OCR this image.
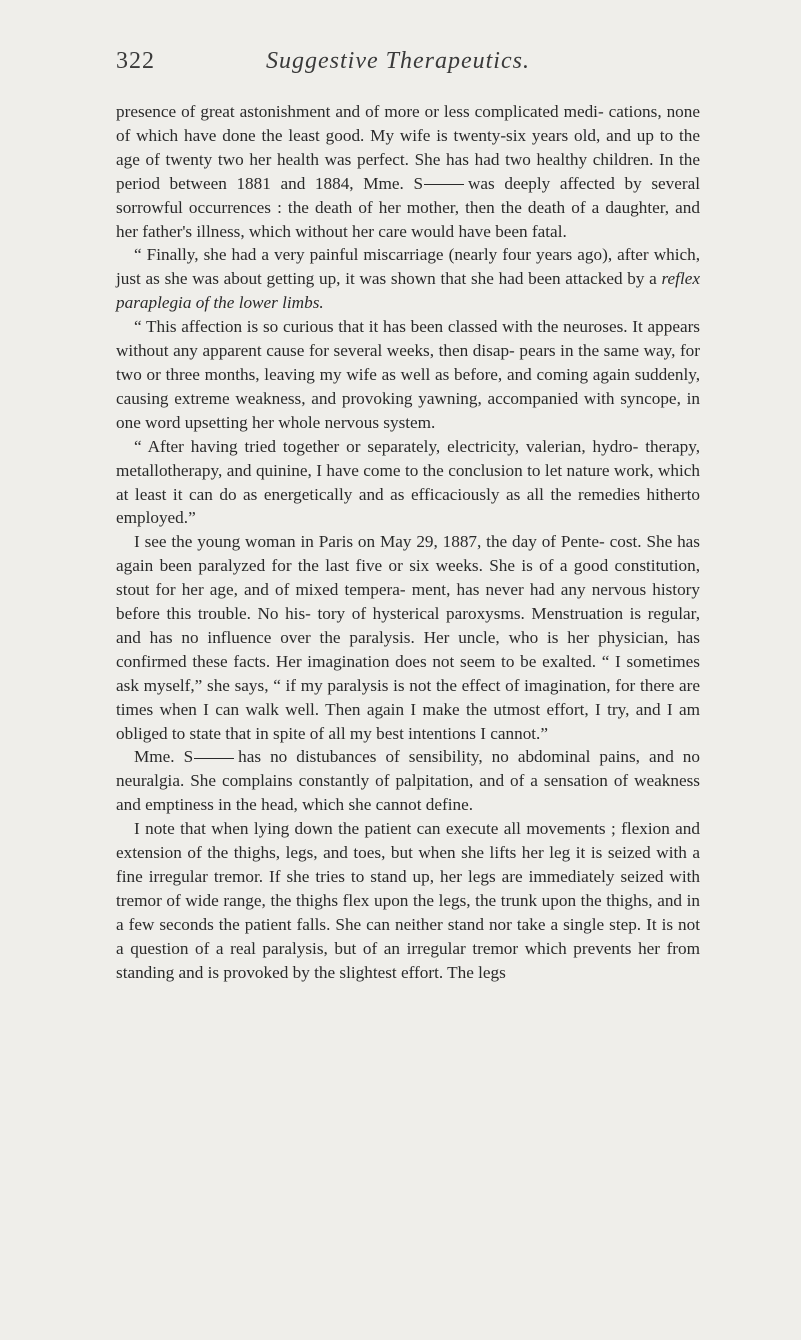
322	Suggestive Therapeutics.

presence of great astonishment and of more or less complicated medi- cations, none of which have done the least good. My wife is twenty-six years old, and up to the age of twenty two her health was perfect. She has had two healthy children. In the period between 1881 and 1884, Mme. S	was deeply affected by several sorrowful occurrences : the death of her mother, then the death of a daughter, and her father's illness, which without her care would have been fatal.

“ Finally, she had a very painful miscarriage (nearly four years ago), after which, just as she was about getting up, it was shown that she had been attacked by a reflex paraplegia of the lower limbs.

“ This affection is so curious that it has been classed with the neuroses. It appears without any apparent cause for several weeks, then disap- pears in the same way, for two or three months, leaving my wife as well as before, and coming again suddenly, causing extreme weakness, and provoking yawning, accompanied with syncope, in one word upsetting her whole nervous system.

“ After having tried together or separately, electricity, valerian, hydro- therapy, metallotherapy, and quinine, I have come to the conclusion to let nature work, which at least it can do as energetically and as efficaciously as all the remedies hitherto employed.”

I see the young woman in Paris on May 29, 1887, the day of Pente- cost. She has again been paralyzed for the last five or six weeks. She is of a good constitution, stout for her age, and of mixed tempera- ment, has never had any nervous history before this trouble. No his- tory of hysterical paroxysms. Menstruation is regular, and has no influence over the paralysis. Her uncle, who is her physician, has confirmed these facts. Her imagination does not seem to be exalted. “ I sometimes ask myself,” she says, “ if my paralysis is not the effect of imagination, for there are times when I can walk well. Then again I make the utmost effort, I try, and I am obliged to state that in spite of all my best intentions I cannot.”

Mme. S	has no distubances of sensibility, no abdominal pains, and no neuralgia. She complains constantly of palpitation, and of a sensation of weakness and emptiness in the head, which she cannot define.

I note that when lying down the patient can execute all movements ; flexion and extension of the thighs, legs, and toes, but when she lifts her leg it is seized with a fine irregular tremor. If she tries to stand up, her legs are immediately seized with tremor of wide range, the thighs flex upon the legs, the trunk upon the thighs, and in a few seconds the patient falls. She can neither stand nor take a single step. It is not a question of a real paralysis, but of an irregular tremor which prevents her from standing and is provoked by the slightest effort. The legs
